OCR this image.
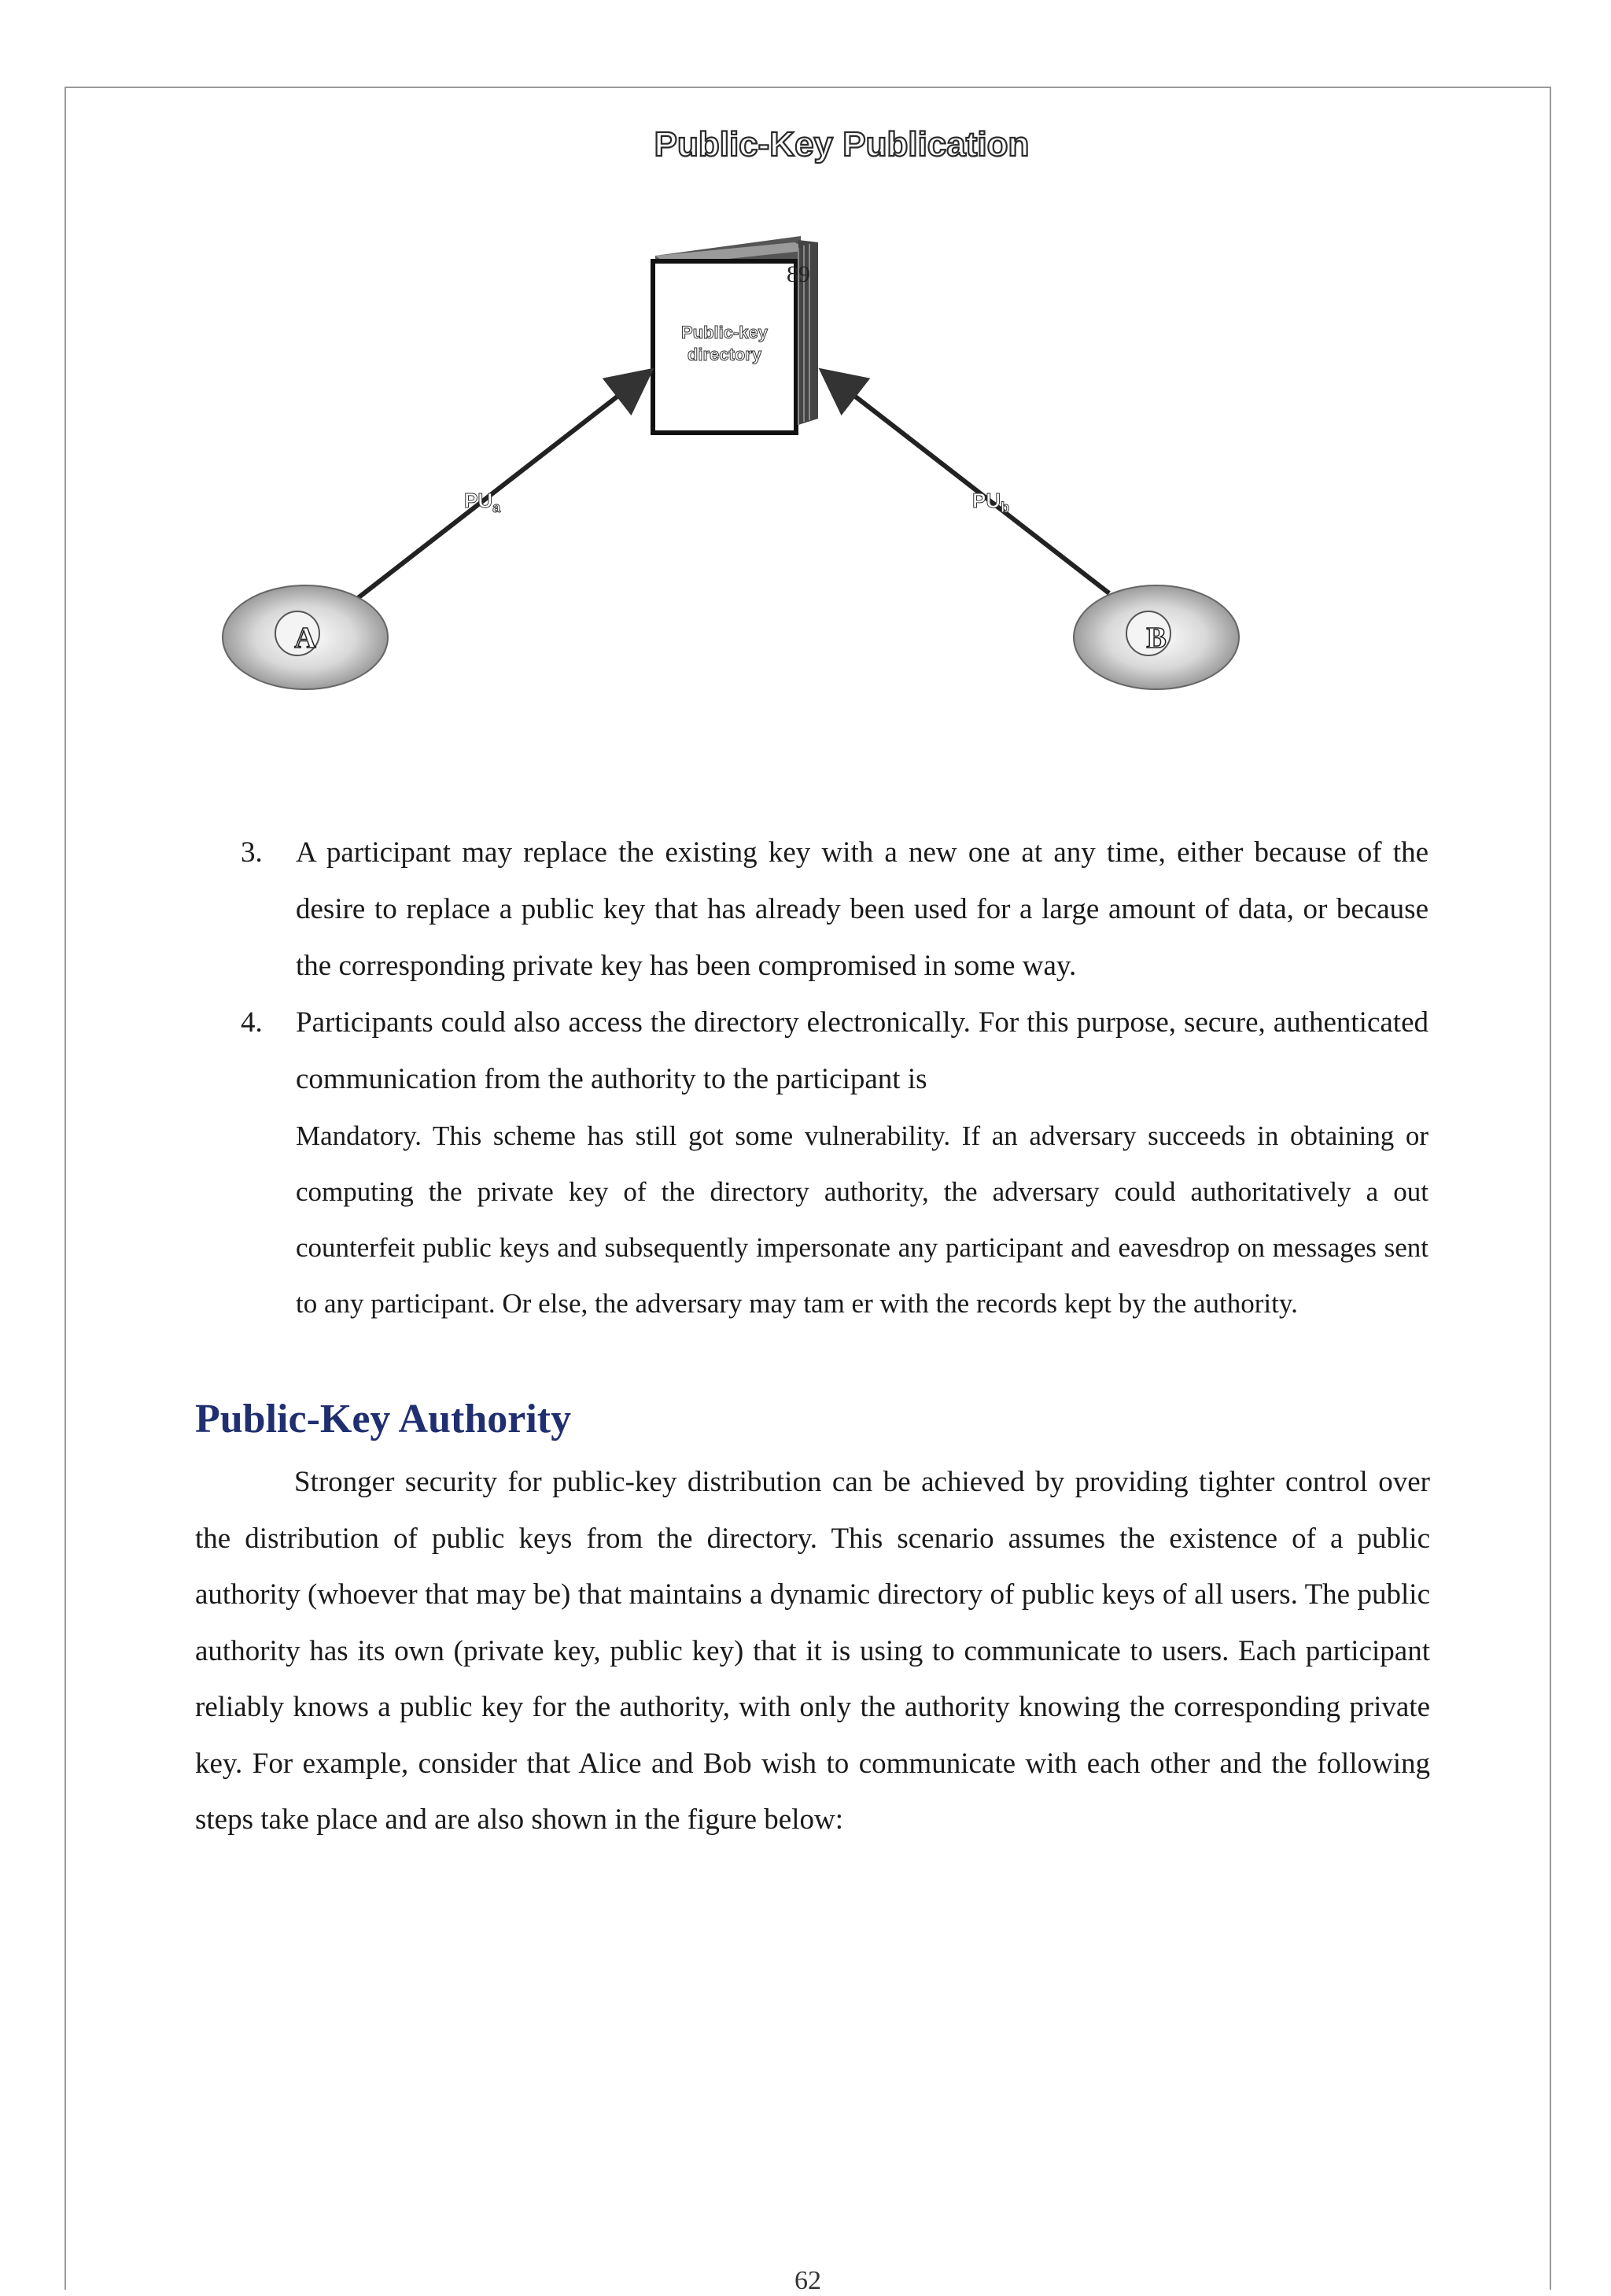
Public-Key Publication
Public-key
directory
89
$PU_a$	$PU_b$
A	B
3. A participant may replace the existing key with a new one at any time, either because of the desire to replace a public key that has already been used for a large amount of data, or because the corresponding private key has been compromised in some way.
4. Participants could also access the directory electronically. For this purpose, secure, authenticated communication from the authority to the participant is
Mandatory. This scheme has still got some vulnerability. If an adversary succeeds in obtaining or computing the private key of the directory authority, the adversary could authoritatively a out counterfeit public keys and subsequently impersonate any participant and eavesdrop on messages sent to any participant. Or else, the adversary may tam er with the records kept by the authority.
Public-Key Authority

Stronger security for public-key distribution can be achieved by providing tighter control over the distribution of public keys from the directory. This scenario assumes the existence of a public authority (whoever that may be) that maintains a dynamic directory of public keys of all users. The public authority has its own (private key, public key) that it is using to communicate to users. Each participant reliably knows a public key for the authority, with only the authority knowing the corresponding private key. For example, consider that Alice and Bob wish to communicate with each other and the following steps take place and are also shown in the figure below:

62
